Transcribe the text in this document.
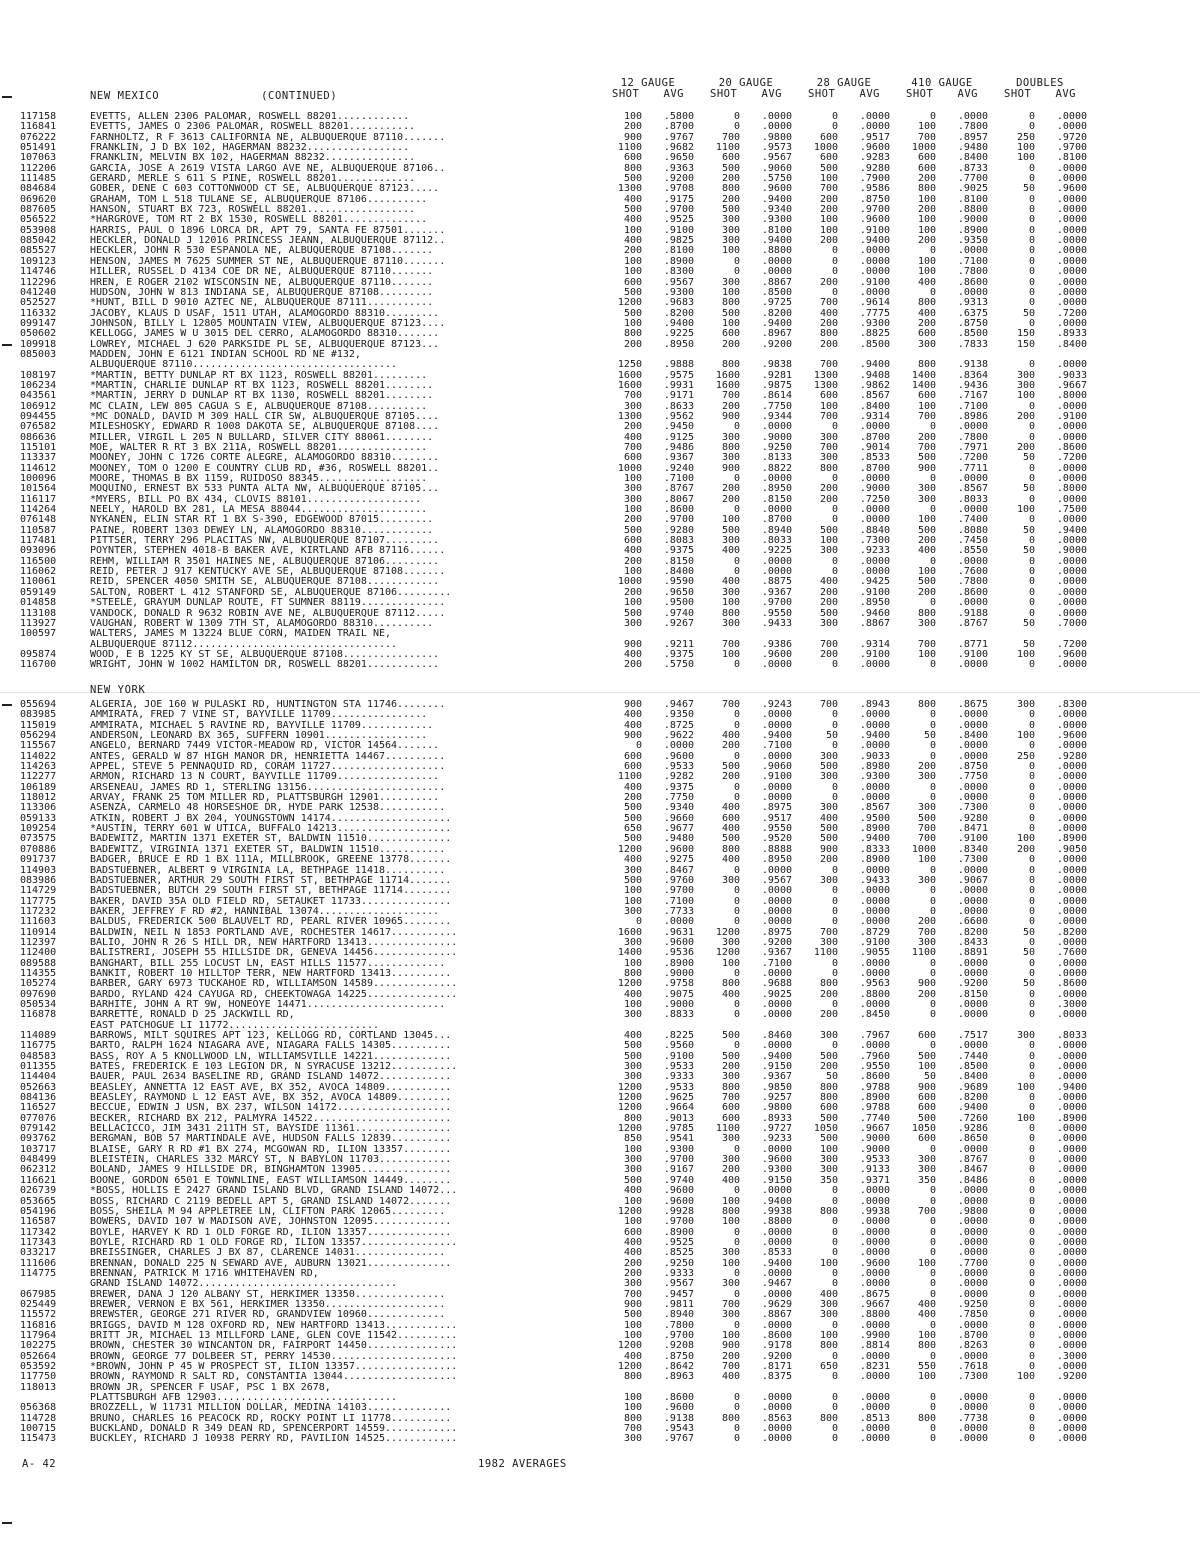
NEW MEXICO	(CONTINUED)
12 GAUGE
SHOT AVG
20 GAUGE
SHOT AVG
28 GAUGE
SHOT AVG
410 GAUGE
SHOT AVG
DOUBLES
SHOT AVG
117158	EVETTS, ALLEN 2306 PALOMAR, ROSWELL 88201............	100	.5800	0	.0000	0	.0000	0	.0000	0	.0000
116841	EVETTS, JAMES O 2306 PALOMAR, ROSWELL 88201...........	200	.8700	0	.0000	0	.0000	100	.7800	0	.0000
076222	FARNHOLTZ, R F 3613 CALIFORNIA NE, ALBUQUERQUE 87110.......	900	.9767	700	.9800	600	.9517	700	.8957	250	.9720
051491	FRANKLIN, J D BX 102, HAGERMAN 88232.................	1100	.9682	1100	.9573	1000	.9600	1000	.9480	100	.9700
107063	FRANKLIN, MELVIN BX 102, HAGERMAN 88232...............	600	.9650	600	.9567	600	.9283	600	.8400	100	.8100
112206	GARCIA, JOSE A 2619 VISTA LARGO AVE NE, ALBUQUERQUE 87106..	800	.9363	500	.9060	500	.9280	600	.8733	0	.0000
111485	GERARD, MERLE S 611 S PINE, ROSWELL 88201.............	500	.9200	200	.5750	100	.7900	200	.7700	0	.0000
084684	GOBER, DENE C 603 COTTONWOOD CT SE, ALBUQUERQUE 87123.....	1300	.9708	800	.9600	700	.9586	800	.9025	50	.9600
069620	GRAHAM, TOM L 518 TULANE SE, ALBUQUERQUE 87106..........	400	.9175	200	.9400	200	.8750	100	.8100	0	.0000
087605	HANSON, STUART BX 723, ROSWELL 88201..................	500	.9700	500	.9340	200	.9700	200	.8800	0	.0000
056522	*HARGROVE, TOM RT 2 BX 1530, ROSWELL 88201..............	400	.9525	300	.9300	100	.9600	100	.9000	0	.0000
053908	HARRIS, PAUL O 1896 LORCA DR, APT 79, SANTA FE 87501.......	100	.9100	300	.8100	100	.9100	100	.8900	0	.0000
085042	HECKLER, DONALD J 12016 PRINCESS JEANN, ALBUQUERQUE 87112..	400	.9825	300	.9400	200	.9400	200	.9350	0	.0000
085527	HECKLER, JOHN R 530 ESPANOLA NE, ALBUQUERQUE 87108.......	200	.8100	100	.8800	0	.0000	0	.0000	0	.0000
109123	HENSON, JAMES M 7625 SUMMER ST NE, ALBUQUERQUE 87110.......	100	.8900	0	.0000	0	.0000	100	.7100	0	.0000
114746	HILLER, RUSSEL D 4134 COE DR NE, ALBUQUERQUE 87110.......	100	.8300	0	.0000	0	.0000	100	.7800	0	.0000
112296	HREN, E ROGER 2102 WISCONSIN NE, ALBUQUERQUE 87110.......	600	.9567	300	.8867	200	.9100	400	.8600	0	.0000
041240	HUDSON, JOHN W 813 INDIANA SE, ALBUQUERQUE 87108.........	500	.9300	100	.8500	0	.0000	0	.0000	0	.0000
052527	*HUNT, BILL D 9010 AZTEC NE, ALBUQUERQUE 87111...........	1200	.9683	800	.9725	700	.9614	800	.9313	0	.0000
116332	JACOBY, KLAUS D USAF, 1511 UTAH, ALAMOGORDO 88310.........	500	.8200	500	.8200	400	.7775	400	.6375	50	.7200
099147	JOHNSON, BILLY L 12805 MOUNTAIN VIEW, ALBUQUERQUE 87123....	100	.9400	100	.9400	200	.9300	200	.8750	0	.0000
050602	KELLOGG, JAMES W U 3015 DEL CERRO, ALAMOGORDO 88310.......	800	.9225	600	.8967	800	.8825	600	.8500	150	.8933
109918	LOWREY, MICHAEL J 620 PARKSIDE PL SE, ALBUQUERQUE 87123...	200	.8950	200	.9200	200	.8500	300	.7833	150	.8400
085003	MADDEN, JOHN E 6121 INDIAN SCHOOL RD NE #132,
ALBUQUERQUE 87110..................................	1250	.9888	800	.9838	700	.9400	800	.9138	0	.0000
108197	*MARTIN, BETTY DUNLAP RT BX 1123, ROSWELL 88201.........	1600	.9575	1600	.9281	1300	.9408	1400	.8364	300	.9033
106234	*MARTIN, CHARLIE DUNLAP RT BX 1123, ROSWELL 88201........	1600	.9931	1600	.9875	1300	.9862	1400	.9436	300	.9667
043561	*MARTIN, JERRY D DUNLAP RT BX 1130, ROSWELL 88201........	700	.9171	700	.8614	600	.8567	600	.7167	100	.8000
106912	MC CLAIN, LEW 805 CAGUA S E, ALBUQUERQUE 87108..........	300	.8633	200	.7750	100	.8400	100	.7100	0	.0000
094455	*MC DONALD, DAVID M 309 HALL CIR SW, ALBUQUERQUE 87105....	1300	.9562	900	.9344	700	.9314	700	.8986	200	.9100
076582	MILESHOSKY, EDWARD R 1008 DAKOTA SE, ALBUQUERQUE 87108....	200	.9450	0	.0000	0	.0000	0	.0000	0	.0000
086636	MILLER, VIRGIL L 205 N BULLARD, SILVER CITY 88061........	400	.9125	300	.9000	300	.8700	200	.7800	0	.0000
115101	MOE, WALTER R RT 3 BX 211A, ROSWELL 88201...............	700	.9486	800	.9250	700	.9014	700	.7971	200	.8600
113337	MOONEY, JOHN C 1726 CORTE ALEGRE, ALAMOGORDO 88310........	600	.9367	300	.8133	300	.8533	500	.7200	50	.7200
114612	MOONEY, TOM O 1200 E COUNTRY CLUB RD, #36, ROSWELL 88201..	1000	.9240	900	.8822	800	.8700	900	.7711	0	.0000
100096	MOORE, THOMAS B BX 1159, RUIDOSO 88345..................	100	.7100	0	.0000	0	.0000	0	.0000	0	.0000
101564	MOQUINO, ERNEST BX 533 PUNTA ALTA NW, ALBUQUERQUE 87105...	300	.8767	200	.8950	200	.9000	300	.8567	50	.8000
116117	*MYERS, BILL PO BX 434, CLOVIS 88101...................	300	.8067	200	.8150	200	.7250	300	.8033	0	.0000
114264	NEELY, HAROLD BX 281, LA MESA 88044.....................	100	.8600	0	.0000	0	.0000	0	.0000	100	.7500
076148	NYKANEN, ELIN STAR RT 1 BX S-390, EDGEWOOD 87015.........	200	.9700	100	.8700	0	.0000	100	.7400	0	.0000
110587	PAINE, ROBERT 1303 DEWEY LN, ALAMOGORDO 88310............	500	.9280	500	.8940	500	.8840	500	.8080	50	.9400
117481	PITTSER, TERRY 296 PLACITAS NW, ALBUQUERQUE 87107.........	600	.8083	300	.8033	100	.7300	200	.7450	0	.0000
093096	POYNTER, STEPHEN 4018-B BAKER AVE, KIRTLAND AFB 87116......	400	.9375	400	.9225	300	.9233	400	.8550	50	.9000
116500	REHM, WILLIAM R 3501 HAINES NE, ALBUQUERQUE 87106.........	200	.8150	0	.0000	0	.0000	0	.0000	0	.0000
116062	REID, PETER J 917 KENTUCKY AVE SE, ALBUQUERQUE 87108.......	100	.8400	0	.0000	0	.0000	100	.7600	0	.0000
110061	REID, SPENCER 4050 SMITH SE, ALBUQUERQUE 87108............	1000	.9590	400	.8875	400	.9425	500	.7800	0	.0000
059149	SALTON, ROBERT L 412 STANFORD SE, ALBUQUERQUE 87106.........	200	.9650	300	.9367	200	.9100	200	.8600	0	.0000
014858	*STEELE, GRAYUM DUNLAP ROUTE, FT SUMNER 88119..............	100	.9500	100	.9700	200	.8950	0	.0000	0	.0000
113108	VANDOCK, DONALD R 9632 ROBIN AVE NE, ALBUQUERQUE 87112.....	500	.9740	800	.9550	500	.9460	800	.9188	0	.0000
113927	VAUGHAN, ROBERT W 1309 7TH ST, ALAMOGORDO 88310..........	300	.9267	300	.9433	300	.8867	300	.8767	50	.7000
100597	WALTERS, JAMES M 13224 BLUE CORN, MAIDEN TRAIL NE,
ALBUQUERQUE 87112..................................	900	.9211	700	.9386	700	.9314	700	.8771	50	.7200
095874	WOOD, E B 1225 KY ST SE, ALBUQUERQUE 87108................	400	.9375	100	.9600	200	.9100	100	.9100	100	.9600
116700	WRIGHT, JOHN W 1002 HAMILTON DR, ROSWELL 88201............	200	.5750	0	.0000	0	.0000	0	.0000	0	.0000
NEW YORK
055694	ALGERIA, JOE 160 W PULASKI RD, HUNTINGTON STA 11746........	900	.9467	700	.9243	700	.8943	800	.8675	300	.8300
083985	AMMIRATA, FRED 7 VINE ST, BAYVILLE 11709................	400	.9350	0	.0000	0	.0000	0	.0000	0	.0000
115019	AMMIRATA, MICHAEL 5 RAVINE RD, BAYVILLE 11709............	400	.8725	0	.0000	0	.0000	0	.0000	0	.0000
056294	ANDERSON, LEONARD BX 365, SUFFERN 10901.................	900	.9622	400	.9400	50	.9400	50	.8400	100	.9600
115567	ANGELO, BERNARD 7449 VICTOR-MEADOW RD, VICTOR 14564.......	0	.0000	200	.7100	0	.0000	0	.0000	0	.0000
114022	ANTES, GERALD W 87 HIGH MANOR DR, HENRIETTA 14467..........	600	.9600	0	.0000	300	.9033	0	.0000	250	.9280
114263	APPEL, STEVE 5 PENNAQUID RD, CORAM 11727...................	600	.9533	500	.9060	500	.8980	200	.8750	0	.0000
112277	ARMON, RICHARD 13 N COURT, BAYVILLE 11709.................	1100	.9282	200	.9100	300	.9300	300	.7750	0	.0000
106189	ARSENEAU, JAMES RD 1, STERLING 13156.......................	400	.9375	0	.0000	0	.0000	0	.0000	0	.0000
118012	ARVAY, FRANK 25 TOM MILLER RD, PLATTSBURGH 12901..........	200	.7750	0	.0000	0	.0000	0	.0000	0	.0000
113306	ASENZA, CARMELO 48 HORSESHOE DR, HYDE PARK 12538...........	500	.9340	400	.8975	300	.8567	300	.7300	0	.0000
059133	ATKIN, ROBERT J BX 204, YOUNGSTOWN 14174....................	500	.9660	600	.9517	400	.9500	500	.9280	0	.0000
109254	*AUSTIN, TERRY 601 W UTICA, BUFFALO 14213...................	650	.9677	400	.9550	500	.8900	700	.8471	0	.0000
073575	BADEWITZ, MARTIN 1371 EXETER ST, BALDWIN 11510..............	500	.9480	500	.9520	500	.9400	700	.9100	100	.8900
070886	BADEWITZ, VIRGINIA 1371 EXETER ST, BALDWIN 11510...........	1200	.9600	800	.8888	900	.8333	1000	.8340	200	.9050
091737	BADGER, BRUCE E RD 1 BX 111A, MILLBROOK, GREENE 13778.......	400	.9275	400	.8950	200	.8900	100	.7300	0	.0000
114903	BADSTUEBNER, ALBERT 9 VIRGINIA LA, BETHPAGE 11418..........	300	.8467	0	.0000	0	.0000	0	.0000	0	.0000
083986	BADSTUEBNER, ARTHUR 29 SOUTH FIRST ST, BETHPAGE 11714.......	500	.9760	300	.9567	300	.9433	300	.9067	0	.0000
114729	BADSTUEBNER, BUTCH 29 SOUTH FIRST ST, BETHPAGE 11714........	100	.9700	0	.0000	0	.0000	0	.0000	0	.0000
117775	BAKER, DAVID 35A OLD FIELD RD, SETAUKET 11733...............	100	.7100	0	.0000	0	.0000	0	.0000	0	.0000
117232	BAKER, JEFFREY F RD #2, HANNIBAL 13074....................	300	.7733	0	.0000	0	.0000	0	.0000	0	.0000
111603	BALDUS, FREDERICK 500 BLAUVELT RD, PEARL RIVER 10965........	0	.0000	0	.0000	0	.0000	200	.6600	0	.0000
110914	BALDWIN, NEIL N 1853 PORTLAND AVE, ROCHESTER 14617...........	1600	.9631	1200	.8975	700	.8729	700	.8200	50	.8200
112397	BALIO, JOHN R 26 S HILL DR, NEW HARTFORD 13413...............	300	.9600	300	.9200	300	.9100	300	.8433	0	.0000
112400	BALISTRERI, JOSEPH 55 HILLSIDE DR, GENEVA 14456..............	1400	.9536	1200	.9367	1100	.9055	1100	.8891	50	.7600
089588	BANGHART, BILL 255 LOCUST LN, EAST HILLS 11577.............	100	.8900	100	.7100	0	.0000	0	.0000	0	.0000
114355	BANKIT, ROBERT 10 HILLTOP TERR, NEW HARTFORD 13413..........	800	.9000	0	.0000	0	.0000	0	.0000	0	.0000
105274	BARBER, GARY 6973 TUCKAHOE RD, WILLIAMSON 14589..............	1200	.9758	800	.9688	800	.9563	900	.9200	50	.8600
097690	BARDO, RYLAND 424 CAYUGA RD, CHEEKTOWAGA 14225...............	400	.9075	400	.9025	200	.8800	200	.8150	0	.0000
050534	BARHITE, JOHN A RT 9W, HONEOYE 14471.......................	100	.9000	0	.0000	0	.0000	0	.0000	0	.3000
116878	BARRETTE, RONALD D 25 JACKWILL RD,	300	.8833	0	.0000	200	.8450	0	.0000	0	.0000
EAST PATCHOGUE LI 11772.........................
114089	BARROWS, MILT SQUIRES APT 123, KELLOGG RD, CORTLAND 13045...	400	.8225	500	.8460	300	.7967	600	.7517	300	.8033
116775	BARTO, RALPH 1624 NIAGARA AVE, NIAGARA FALLS 14305..........	500	.9560	0	.0000	0	.0000	0	.0000	0	.0000
048583	BASS, ROY A 5 KNOLLWOOD LN, WILLIAMSVILLE 14221.............	500	.9100	500	.9400	500	.7960	500	.7440	0	.0000
011355	BATES, FREDERICK E 103 LEGION DR, N SYRACUSE 13212...........	300	.9533	200	.9150	200	.9550	100	.8500	0	.0000
114404	BAUER, PAUL 2634 BASELINE RD, GRAND ISLAND 14072............	300	.9333	300	.9367	50	.8600	50	.8400	0	.0000
052663	BEASLEY, ANNETTA 12 EAST AVE, BX 352, AVOCA 14809...........	1200	.9533	800	.9850	800	.9788	900	.9689	100	.9400
084136	BEASLEY, RAYMOND L 12 EAST AVE, BX 352, AVOCA 14809.........	1200	.9625	700	.9257	800	.8900	600	.8200	0	.0000
116527	BECCUE, EDWIN J USN, BX 237, WILSON 14172...................	1200	.9664	600	.9800	600	.9788	600	.9400	0	.0000
077076	BECKER, RICHARD BX 212, PALMYRA 14522.......................	800	.9013	600	.8933	500	.7740	500	.7260	100	.8900
079142	BELLACICCO, JIM 3431 211TH ST, BAYSIDE 11361................	1200	.9785	1100	.9727	1050	.9667	1050	.9286	0	.0000
093762	BERGMAN, BOB 57 MARTINDALE AVE, HUDSON FALLS 12839..........	850	.9541	300	.9233	500	.9000	600	.8650	0	.0000
103717	BLAISE, GARY R RD #1 BX 274, MCGOWAN RD, ILION 13357........	100	.9300	0	.0000	100	.9000	0	.0000	0	.0000
048499	BLEISTEIN, CHARLES 332 MARCY ST, N BABYLON 11703............	300	.9700	300	.9600	300	.9533	300	.8767	0	.0000
062312	BOLAND, JAMES 9 HILLSIDE DR, BINGHAMTON 13905...............	300	.9167	200	.9300	300	.9133	300	.8467	0	.0000
116621	BOONE, GORDON 6501 E TOWNLINE, EAST WILLIAMSON 14449........	500	.9740	400	.9150	350	.9371	350	.8486	0	.0000
026739	*BOSS, HOLLIS E 2427 GRAND ISLAND BLVD, GRAND ISLAND 14072...	400	.9600	0	.0000	0	.0000	0	.0000	0	.0000
053665	BOSS, RICHARD C 2119 BEDELL APT 5, GRAND ISLAND 14072.......	100	.9600	100	.9400	0	.0000	0	.0000	0	.0000
054196	BOSS, SHEILA M 94 APPLETREE LN, CLIFTON PARK 12065.........	1200	.9928	800	.9938	800	.9938	700	.9800	0	.0000
116587	BOWERS, DAVID 107 W MADISON AVE, JOHNSTON 12095.............	100	.9700	100	.8800	0	.0000	0	.0000	0	.0000
117342	BOYLE, HARVEY K RD 1 OLD FORGE RD, ILION 13357..............	600	.8900	0	.0000	0	.0000	0	.0000	0	.0000
117343	BOYLE, RICHARD RD 1 OLD FORGE RD, ILION 13357................	400	.9525	0	.0000	0	.0000	0	.0000	0	.0000
033217	BREISSINGER, CHARLES J BX 87, CLARENCE 14031...............	400	.8525	300	.8533	0	.0000	0	.0000	0	.0000
111606	BRENNAN, DONALD 225 N SEWARD AVE, AUBURN 13021..............	200	.9250	100	.9400	100	.9600	100	.7700	0	.0000
114775	BRENNAN, PATRICK M 1716 WHITEHAVEN RD,	200	.9333	0	.0000	0	.0000	0	.0000	0	.0000
GRAND ISLAND 14072.................................	300	.9567	300	.9467	0	.0000	0	.0000	0	.0000
067985	BREWER, DANA J 120 ALBANY ST, HERKIMER 13350...............	700	.9457	0	.0000	400	.8675	0	.0000	0	.0000
025449	BREWER, VERNON E BX 561, HERKIMER 13350....................	900	.9811	700	.9629	300	.9667	400	.9250	0	.0000
115572	BREWSTER, GEORGE 271 RIVER RD, GRANDVIEW 10960.............	500	.8940	300	.8867	300	.8800	400	.7850	0	.0000
116816	BRIGGS, DAVID M 128 OXFORD RD, NEW HARTFORD 13413............	100	.7800	0	.0000	0	.0000	0	.0000	0	.0000
117964	BRITT JR, MICHAEL 13 MILLFORD LANE, GLEN COVE 11542..........	100	.9700	100	.8600	100	.9900	100	.8700	0	.0000
102275	BROWN, CHESTER 30 WINCANTON DR, FAIRPORT 14450...............	1200	.9208	900	.9178	800	.8814	800	.8263	0	.0000
052664	BROWN, GEORGE 77 DOLBEER ST, PERRY 14530.....................	400	.8750	200	.9200	0	.0000	0	.0000	0	.3000
053592	*BROWN, JOHN P 45 W PROSPECT ST, ILION 13357.................	1200	.8642	700	.8171	650	.8231	550	.7618	0	.0000
117750	BROWN, RAYMOND R SALT RD, CONSTANTIA 13044...................	800	.8963	400	.8375	0	.0000	100	.7300	100	.9200
118013	BROWN JR, SPENCER F USAF, PSC 1 BX 2678,
PLATTSBURGH AFB 12903..............................	100	.8600	0	.0000	0	.0000	0	.0000	0	.0000
056368	BROZZELL, W 11731 MILLION DOLLAR, MEDINA 14103..............	100	.9600	0	.0000	0	.0000	0	.0000	0	.0000
114728	BRUNO, CHARLES 16 PEACOCK RD, ROCKY POINT LI 11778..........	800	.9138	800	.8563	800	.8513	800	.7738	0	.0000
100715	BUCKLAND, DONALD R 349 DEAN RD, SPENCERPORT 14559............	700	.9543	0	.0000	0	.0000	0	.0000	0	.0000
115473	BUCKLEY, RICHARD J 10938 PERRY RD, PAVILION 14525............	300	.9767	0	.0000	0	.0000	0	.0000	0	.0000
A- 42	1982 AVERAGES
